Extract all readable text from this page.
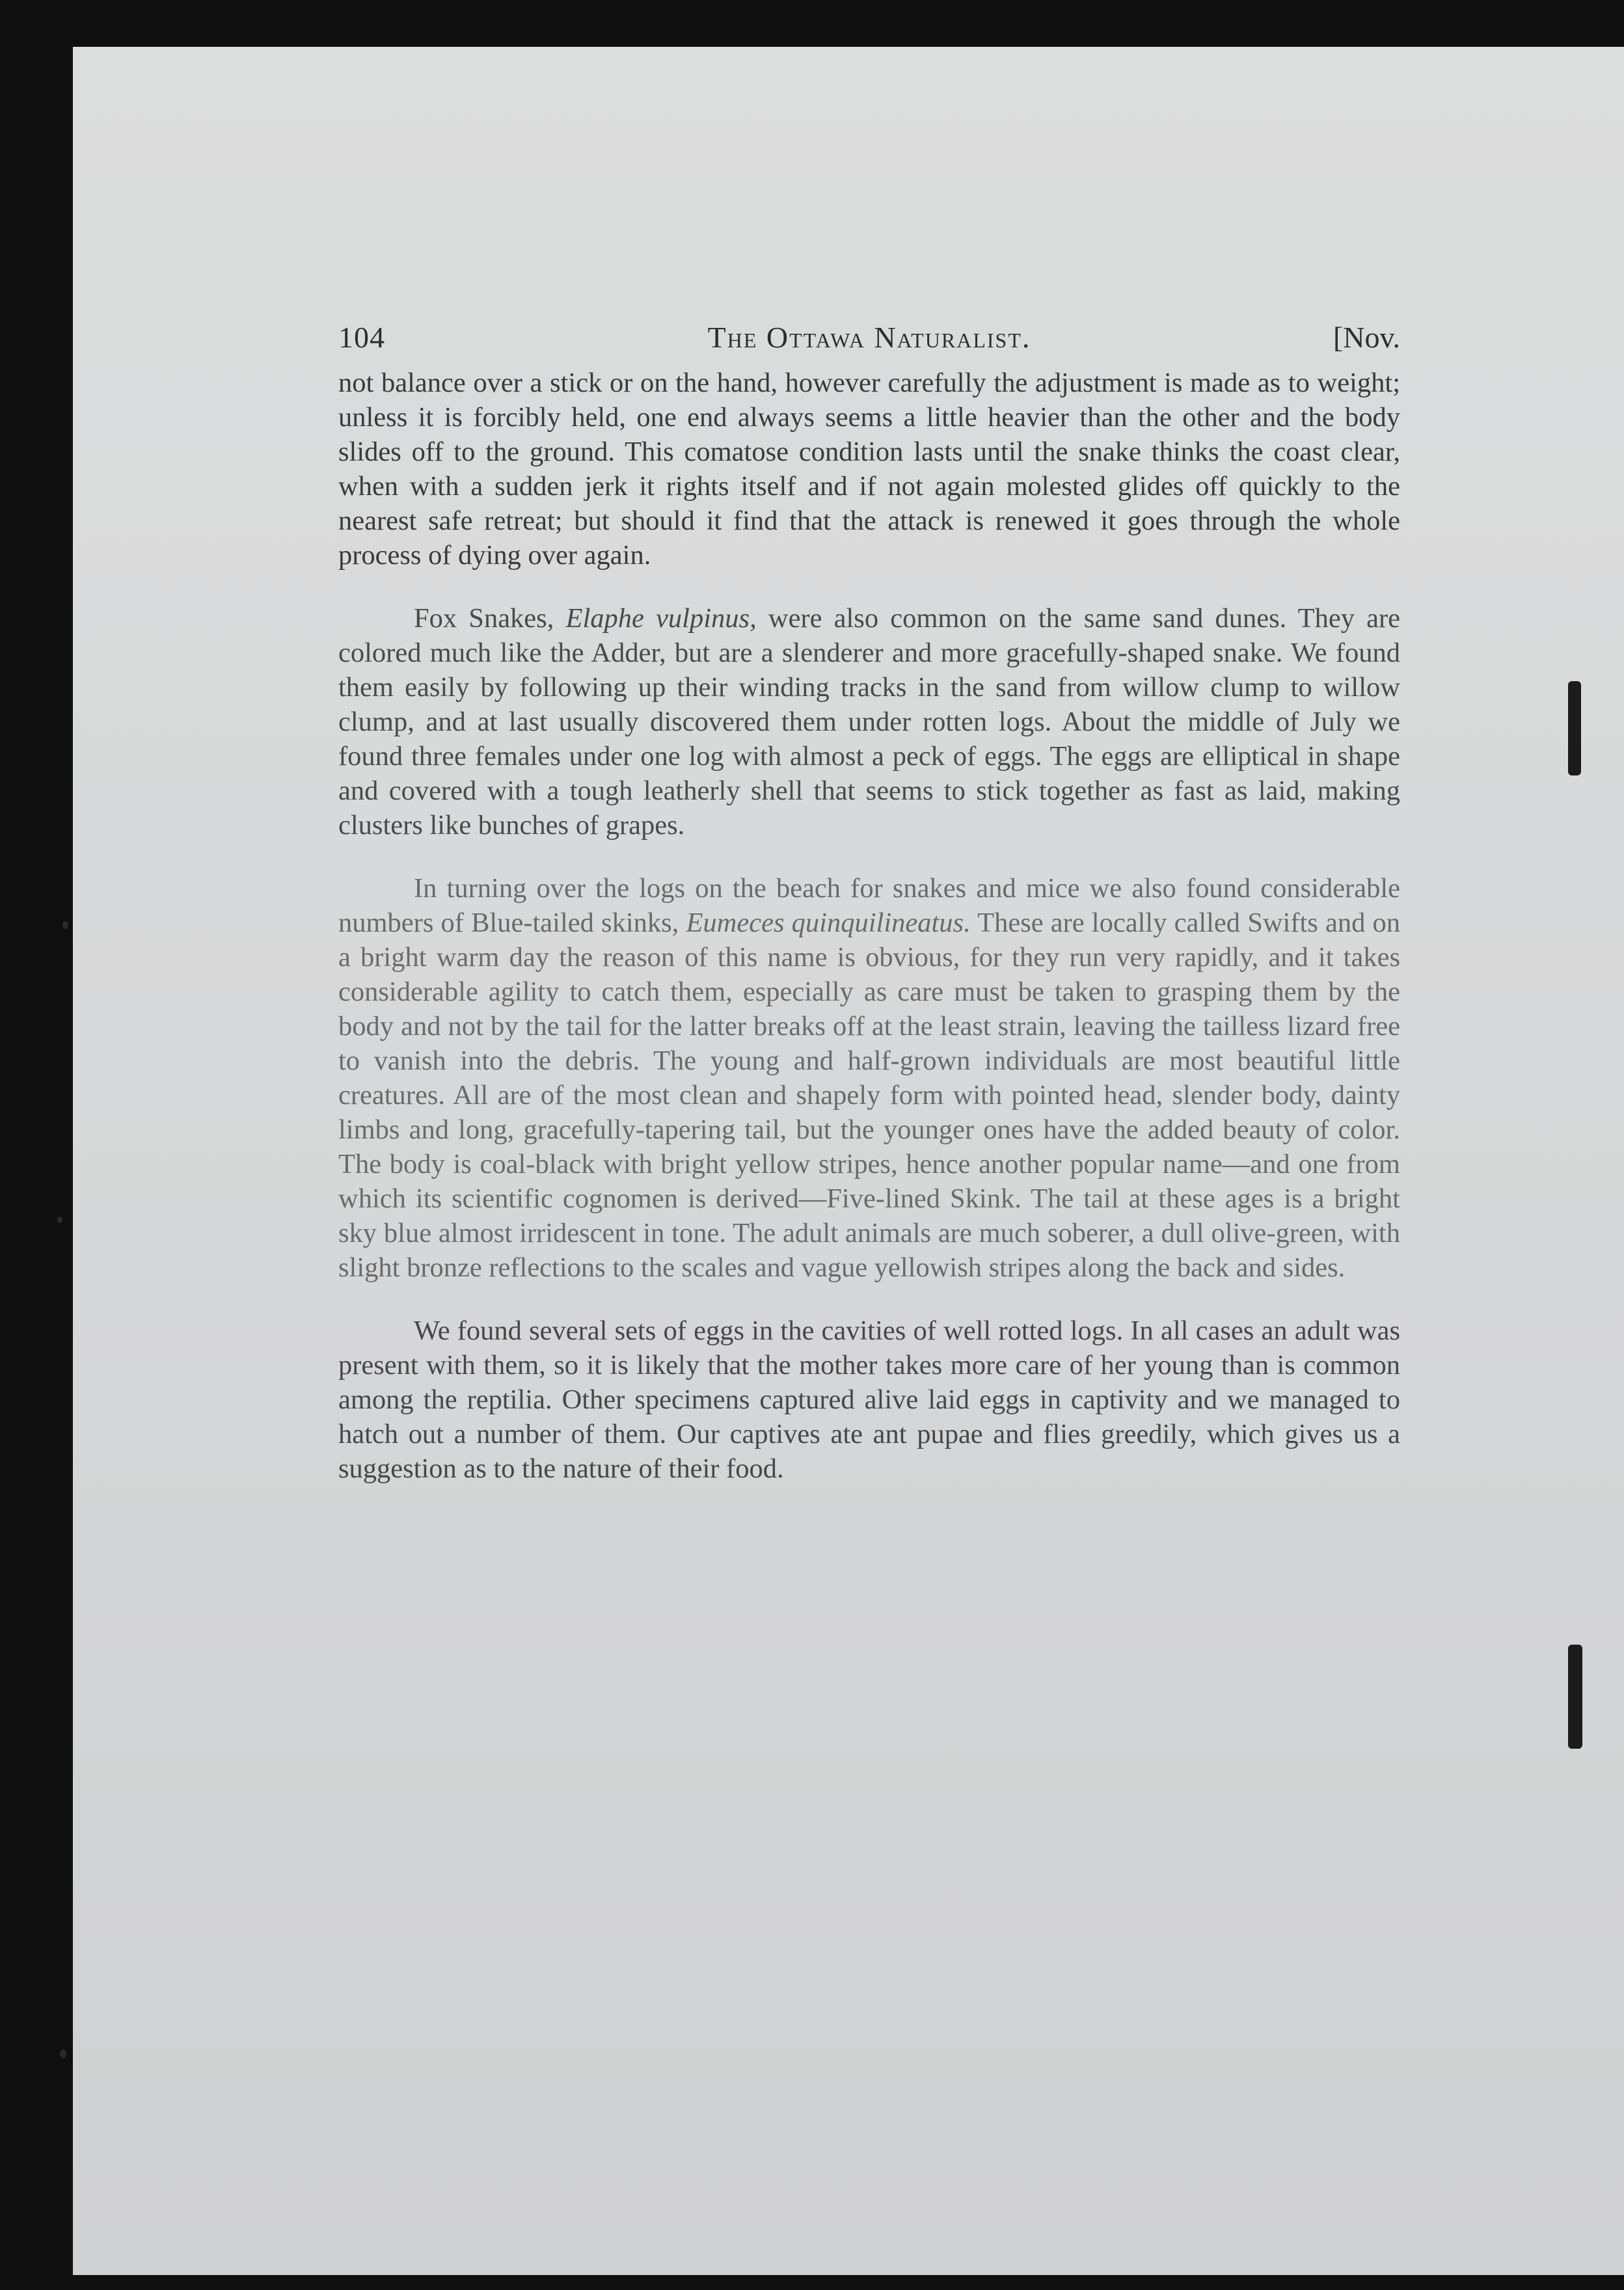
104	The Ottawa Naturalist.	[Nov.

not balance over a stick or on the hand, however carefully the adjustment is made as to weight; unless it is forcibly held, one end always seems a little heavier than the other and the body slides off to the ground. This comatose condition lasts until the snake thinks the coast clear, when with a sudden jerk it rights itself and if not again molested glides off quickly to the nearest safe retreat; but should it find that the attack is renewed it goes through the whole process of dying over again.

Fox Snakes, Elaphe vulpinus, were also common on the same sand dunes. They are colored much like the Adder, but are a slenderer and more gracefully-shaped snake. We found them easily by following up their winding tracks in the sand from willow clump to willow clump, and at last usually discovered them under rotten logs. About the middle of July we found three females under one log with almost a peck of eggs. The eggs are elliptical in shape and covered with a tough leatherly shell that seems to stick together as fast as laid, making clusters like bunches of grapes.

In turning over the logs on the beach for snakes and mice we also found considerable numbers of Blue-tailed skinks, Eumeces quinquilineatus. These are locally called Swifts and on a bright warm day the reason of this name is obvious, for they run very rapidly, and it takes considerable agility to catch them, especially as care must be taken to grasping them by the body and not by the tail for the latter breaks off at the least strain, leaving the tailless lizard free to vanish into the debris. The young and half-grown individuals are most beautiful little creatures. All are of the most clean and shapely form with pointed head, slender body, dainty limbs and long, gracefully-tapering tail, but the younger ones have the added beauty of color. The body is coal-black with bright yellow stripes, hence another popular name—and one from which its scientific cognomen is derived—Five-lined Skink. The tail at these ages is a bright sky blue almost irridescent in tone. The adult animals are much soberer, a dull olive-green, with slight bronze reflections to the scales and vague yellowish stripes along the back and sides.

We found several sets of eggs in the cavities of well rotted logs. In all cases an adult was present with them, so it is likely that the mother takes more care of her young than is common among the reptilia. Other specimens captured alive laid eggs in captivity and we managed to hatch out a number of them. Our captives ate ant pupae and flies greedily, which gives us a suggestion as to the nature of their food.
